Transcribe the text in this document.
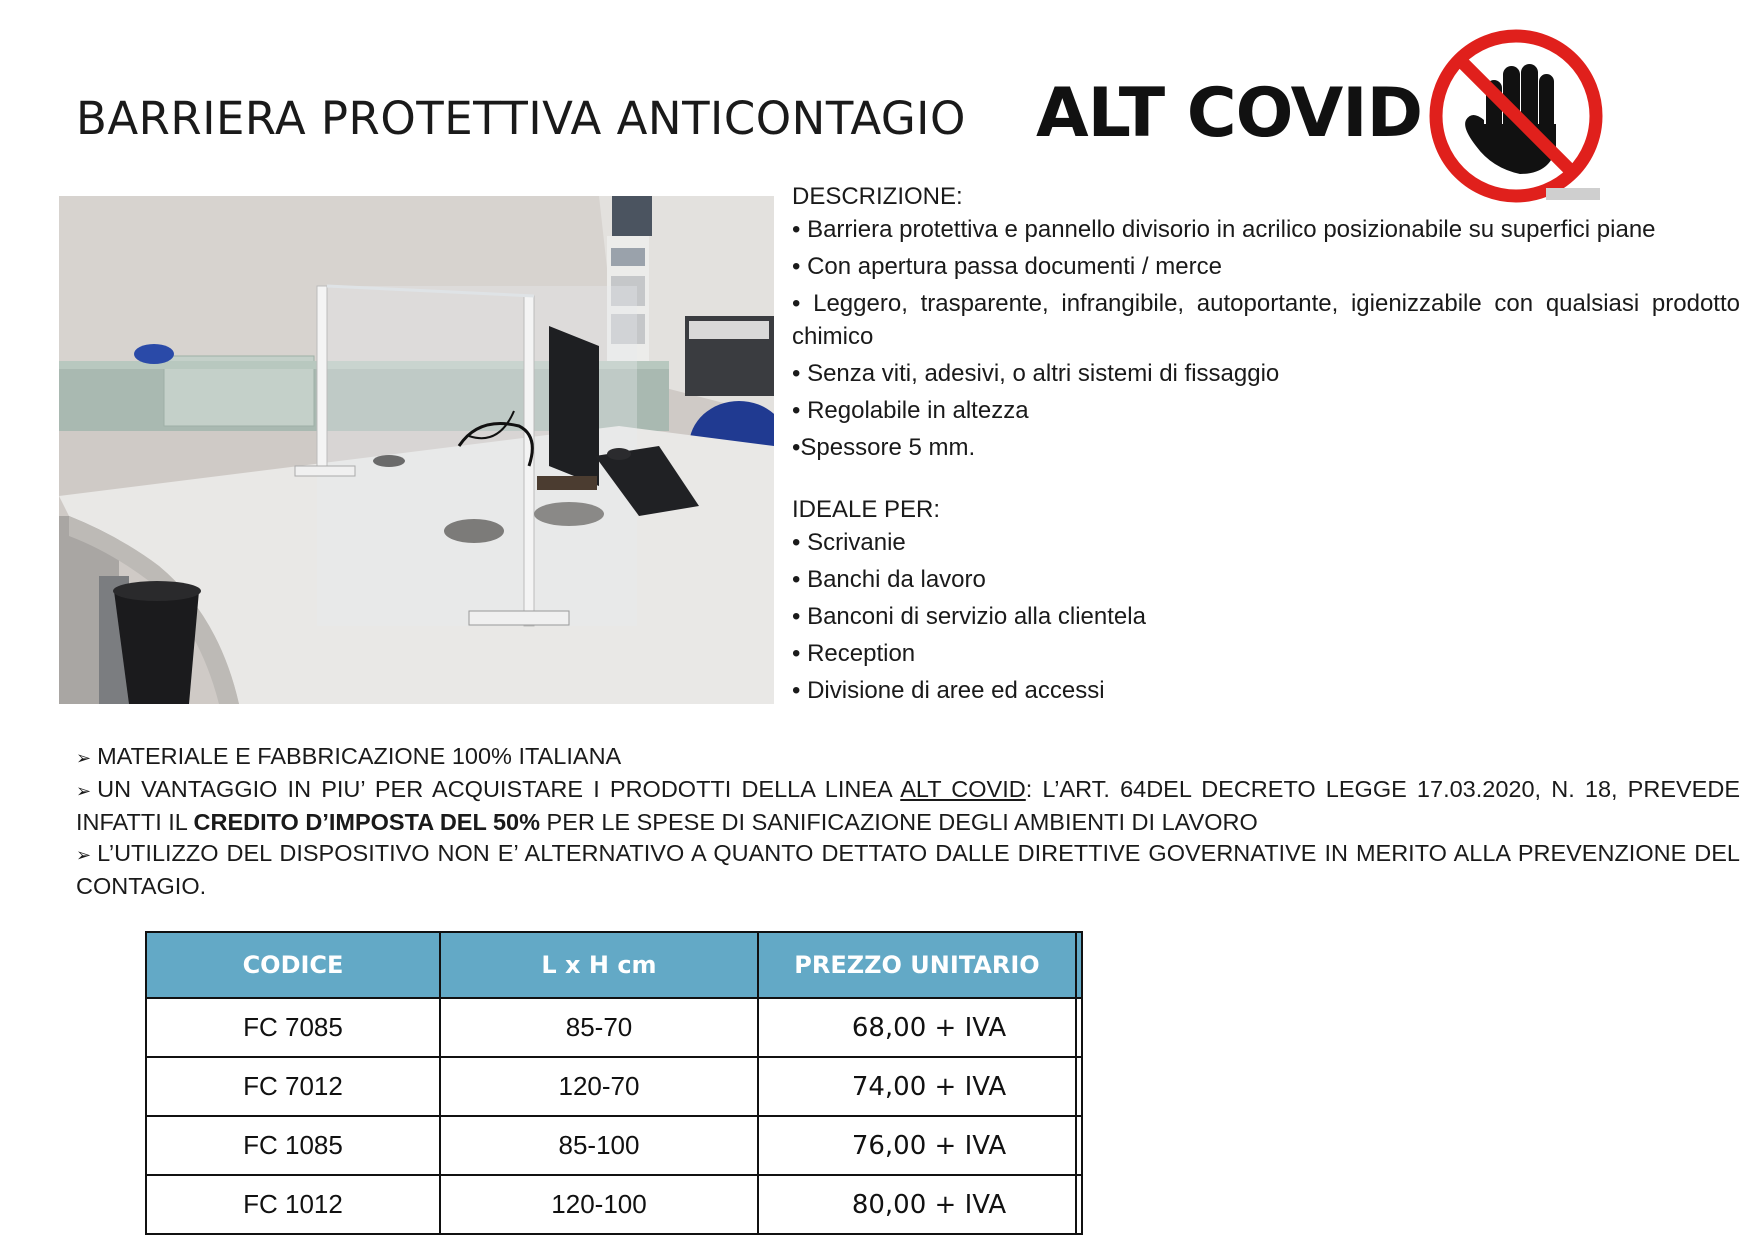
BARRIERA PROTETTIVA ANTICONTAGIO ALT COVID

DESCRIZIONE:

• Barriera protettiva e pannello divisorio in acrilico posizionabile su superfici piane

• Con apertura passa documenti / merce

• Leggero, trasparente, infrangibile, autoportante, igienizzabile con qualsiasi prodotto chimico

• Senza viti, adesivi, o altri sistemi di fissaggio

• Regolabile in altezza

•Spessore 5 mm.

IDEALE PER:

• Scrivanie

• Banchi da lavoro

• Banconi di servizio alla clientela

• Reception

• Divisione di aree ed accessi

➢ MATERIALE E FABBRICAZIONE 100% ITALIANA

➢ UN VANTAGGIO IN PIU’ PER ACQUISTARE I PRODOTTI DELLA LINEA ALT COVID: L’ART. 64DEL DECRETO LEGGE 17.03.2020, N. 18, PREVEDE INFATTI IL CREDITO D’IMPOSTA DEL 50% PER LE SPESE DI SANIFICAZIONE DEGLI AMBIENTI DI LAVORO

➢ L’UTILIZZO DEL DISPOSITIVO NON E’ ALTERNATIVO A QUANTO DETTATO DALLE DIRETTIVE GOVERNATIVE IN MERITO ALLA PREVENZIONE DEL CONTAGIO.

CODICE	L x H cm	PREZZO UNITARIO	
FC 7085	85-70	68,00 + IVA	
FC 7012	120-70	74,00 + IVA	
FC 1085	85-100	76,00 + IVA	
FC 1012	120-100	80,00 + IVA	
